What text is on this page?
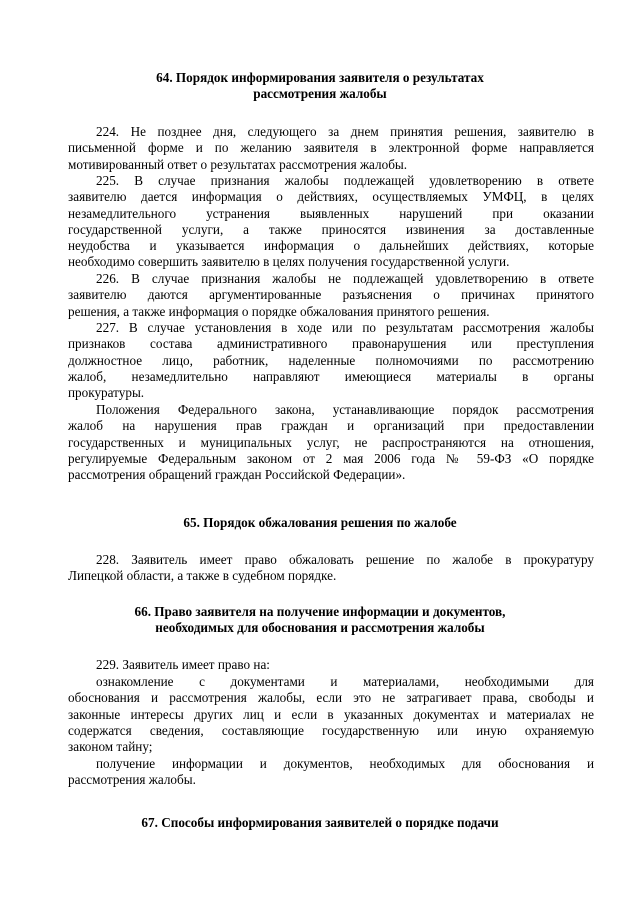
64. Порядок информирования заявителя о результатах
рассмотрения жалобы
224. Не позднее дня, следующего за днем принятия решения, заявителю в
письменной форме и по желанию заявителя в электронной форме направляется
мотивированный ответ о результатах рассмотрения жалобы.
225. В случае признания жалобы подлежащей удовлетворению в ответе
заявителю дается информация о действиях, осуществляемых УМФЦ, в целях
незамедлительного устранения выявленных нарушений при оказании
государственной услуги, а также приносятся извинения за доставленные
неудобства и указывается информация о дальнейших действиях, которые
необходимо совершить заявителю в целях получения государственной услуги.
226. В случае признания жалобы не подлежащей удовлетворению в ответе
заявителю даются аргументированные разъяснения о причинах принятого
решения, а также информация о порядке обжалования принятого решения.
227. В случае установления в ходе или по результатам рассмотрения жалобы
признаков состава административного правонарушения или преступления
должностное лицо, работник, наделенные полномочиями по рассмотрению
жалоб, незамедлительно направляют имеющиеся материалы в органы
прокуратуры.
Положения Федерального закона, устанавливающие порядок рассмотрения
жалоб на нарушения прав граждан и организаций при предоставлении
государственных и муниципальных услуг, не распространяются на отношения,
регулируемые Федеральным законом от 2 мая 2006 года № 59-ФЗ «О порядке
рассмотрения обращений граждан Российской Федерации».
65. Порядок обжалования решения по жалобе
228. Заявитель имеет право обжаловать решение по жалобе в прокуратуру
Липецкой области, а также в судебном порядке.
66. Право заявителя на получение информации и документов,
необходимых для обоснования и рассмотрения жалобы
229. Заявитель имеет право на:
ознакомление с документами и материалами, необходимыми для
обоснования и рассмотрения жалобы, если это не затрагивает права, свободы и
законные интересы других лиц и если в указанных документах и материалах не
содержатся сведения, составляющие государственную или иную охраняемую
законом тайну;
получение информации и документов, необходимых для обоснования и
рассмотрения жалобы.
67. Способы информирования заявителей о порядке подачи
